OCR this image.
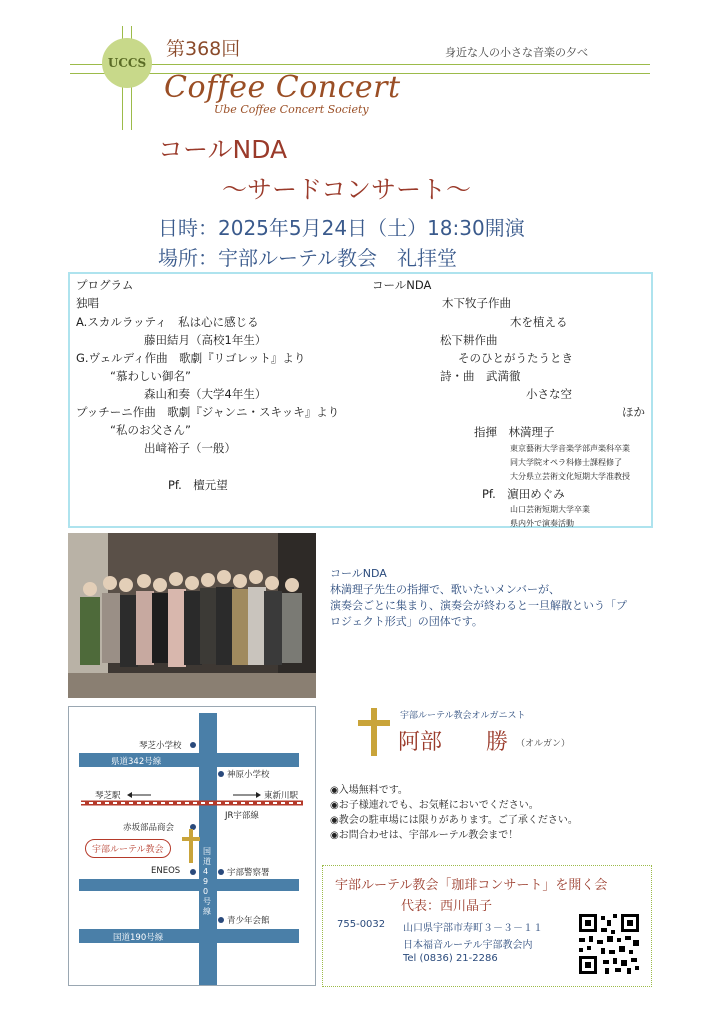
UCCS
第368回	身近な人の小さな音楽の夕べ
Coffee Concert
Ube Coffee Concert Society
コールNDA
～サードコンサート～
日時：2025年5月24日（土）18:30開演
場所：宇部ルーテル教会　礼拝堂
プログラム
独唱
A.スカルラッティ　私は心に感じる
藤田結月（高校1年生）
G.ヴェルディ作曲　歌劇『リゴレット』より
“慕わしい御名”
森山和奏（大学4年生）
プッチーニ作曲　歌劇『ジャンニ・スキッキ』より
“私のお父さん”
出﨑裕子（一般）
Pf.　檀元望
コールNDA
木下牧子作曲
木を植える
松下耕作曲
そのひとがうたうとき
詩・曲　武満徹
小さな空
ほか
指揮　林満理子
東京藝術大学音楽学部声楽科卒業
同大学院オペラ科修士課程修了
大分県立芸術文化短期大学准教授
Pf.　濵田めぐみ
山口芸術短期大学卒業
県内外で演奏活動
コールNDA
林満理子先生の指揮で、歌いたいメンバーが、
演奏会ごとに集まり、演奏会が終わると一旦解散という「プ
ロジェクト形式」の団体です。
琴芝小学校
県道342号線
神原小学校
琴芝駅	東新川駅
JR宇部線
赤坂部品商会
宇部ルーテル教会
ENEOS	宇部警察署
青少年会館
国道490号線
国道190号線
宇部ルーテル教会オルガニスト
阿部　　勝 （オルガン）
◉入場無料です。
◉お子様連れでも、お気軽においでください。
◉教会の駐車場には限りがあります。ご了承ください。
◉お問合わせは、宇部ルーテル教会まで！
宇部ルーテル教会「珈琲コンサート」を開く会
代表：西川晶子
755-0032 山口県宇部市寿町３－３－１１
日本福音ルーテル宇部教会内
Tel (0836) 21-2286
